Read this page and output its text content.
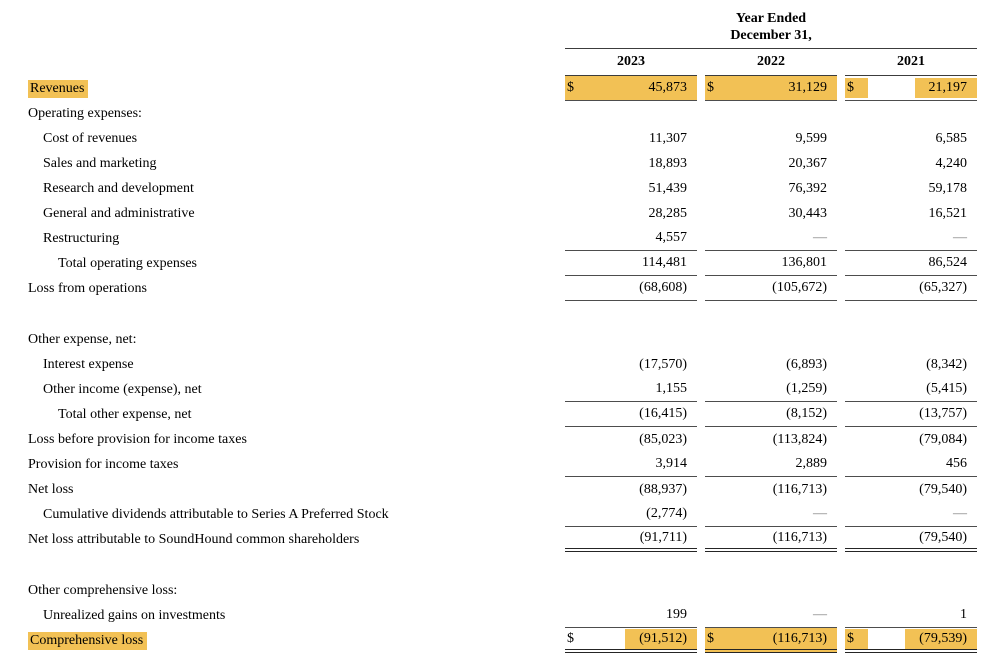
Year Ended
December 31,
2023	2022	2021
Revenues	$	45,873	$	31,129	$	21,197
Operating expenses:
Cost of revenues	11,307	9,599	6,585
Sales and marketing	18,893	20,367	4,240
Research and development	51,439	76,392	59,178
General and administrative	28,285	30,443	16,521
Restructuring	4,557	—	—
Total operating expenses	114,481	136,801	86,524
Loss from operations	(68,608)	(105,672)	(65,327)
Other expense, net:
Interest expense	(17,570)	(6,893)	(8,342)
Other income (expense), net	1,155	(1,259)	(5,415)
Total other expense, net	(16,415)	(8,152)	(13,757)
Loss before provision for income taxes	(85,023)	(113,824)	(79,084)
Provision for income taxes	3,914	2,889	456
Net loss	(88,937)	(116,713)	(79,540)
Cumulative dividends attributable to Series A Preferred Stock	(2,774)	—	—
Net loss attributable to SoundHound common shareholders	(91,711)	(116,713)	(79,540)
Other comprehensive loss:
Unrealized gains on investments	199	—	1
Comprehensive loss	$	(91,512)	$	(116,713)	$	(79,539)
